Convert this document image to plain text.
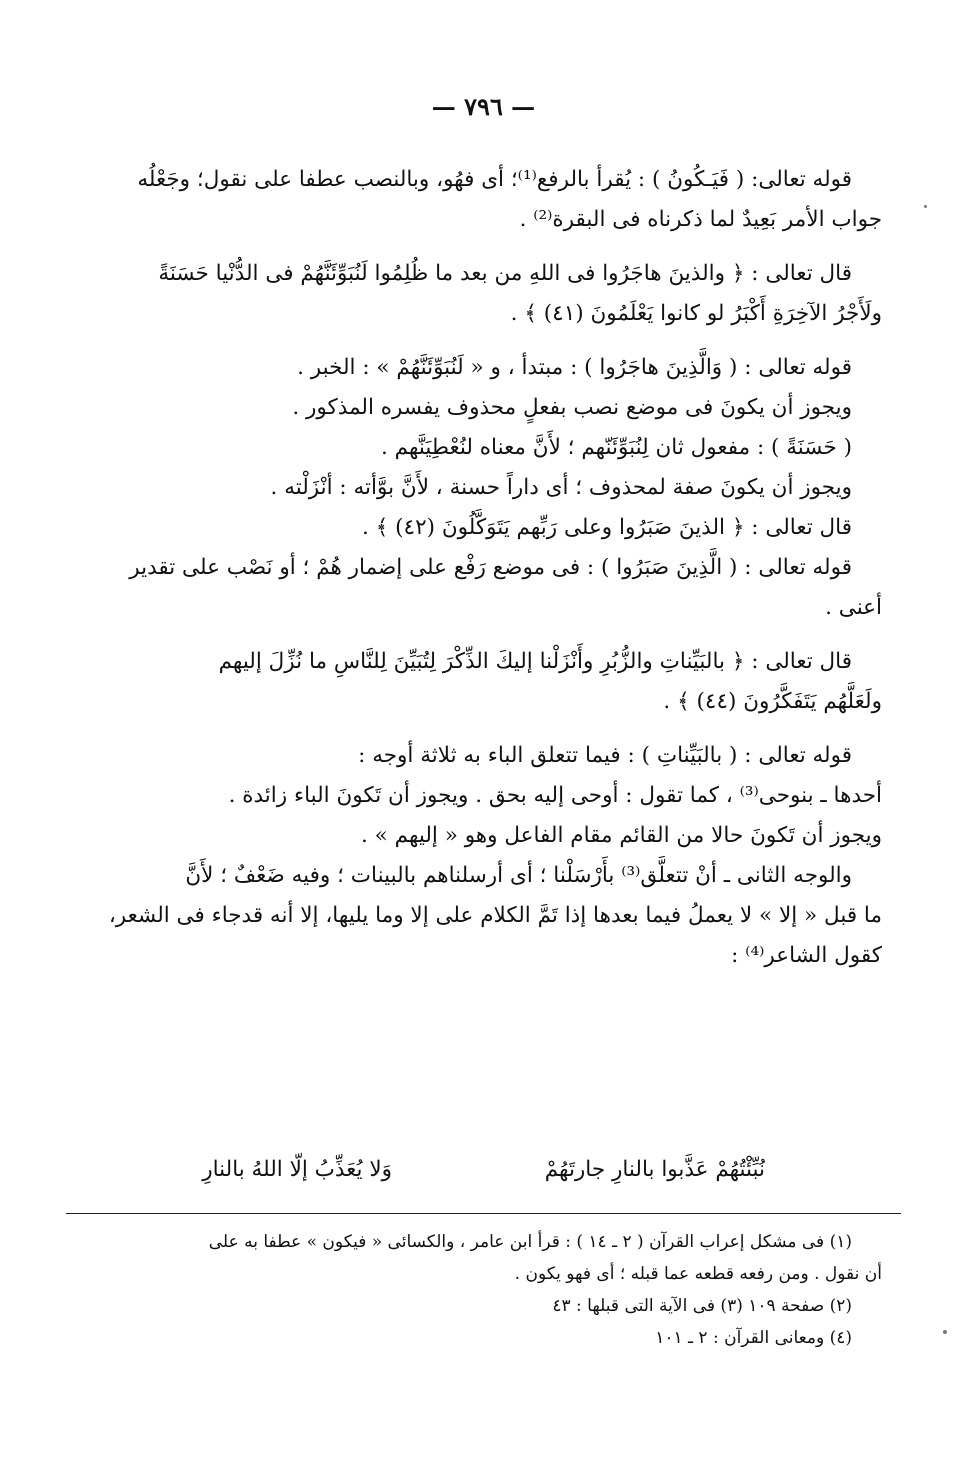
— ٧٩٦ —

قوله تعالى: ( فَيَـكُونُ ) : يُقرأ بالرفع⁽¹⁾؛ أى فهُو، وبالنصب عطفا على نقول؛ وجَعْلُه

جواب الأمر بَعِيدٌ لما ذكرناه فى البقرة⁽²⁾ .

قال تعالى : ﴿ والذينَ هاجَرُوا فى اللهِ من بعد ما ظُلِمُوا لَنُبَوِّئَنَّهُمْ فى الدُّنْيا حَسَنَةً

ولَأَجْرُ الآخِرَةِ أَكْبَرُ لو كانوا يَعْلَمُونَ (٤١) ﴾ .

قوله تعالى : ( وَالَّذِينَ هاجَرُوا ) : مبتدأ ، و « لَنُبَوِّئَنَّهُمْ » : الخبر .

ويجوز أن يكونَ فى موضع نصب بفعلٍ محذوف يفسره المذكور .

( حَسَنَةً ) : مفعول ثان لِنُبَوِّئَنّهم ؛ لأَنَّ معناه لنُعْطِيَنَّهم .

ويجوز أن يكونَ صفة لمحذوف ؛ أى داراً حسنة ، لأَنَّ بوَّأته : أنْزَلْته .

قال تعالى : ﴿ الذينَ صَبَرُوا وعلى رَبِّهم يَتَوَكَّلُونَ (٤٢) ﴾ .

قوله تعالى : ( الَّذِينَ صَبَرُوا ) : فى موضع رَفْع على إضمار هُمْ ؛ أو نَصْب على تقدير

أعنى .

قال تعالى : ﴿ بالبَيِّناتِ والزُّبُرِ وأَنْزَلْنا إليكَ الذِّكْرَ لِتُبَيِّنَ لِلنَّاسِ ما نُزِّلَ إليهم

ولَعَلَّهُم يَتَفَكَّرُونَ (٤٤) ﴾ .

قوله تعالى : ( بالبَيِّناتِ ) : فيما تتعلق الباء به ثلاثة أوجه :

أحدها ـ بنوحى⁽³⁾ ، كما تقول : أوحى إليه بحق . ويجوز أن تَكونَ الباء زائدة .

ويجوز أن تَكونَ حالا من القائم مقام الفاعل وهو « إليهم » .

والوجه الثانى ـ أنْ تتعلَّق⁽³⁾ بأَرْسَلْنا ؛ أى أرسلناهم بالبينات ؛ وفيه ضَعْفٌ ؛ لأَنَّ

ما قبل « إلا » لا يعملُ فيما بعدها إذا تَمَّ الكلام على إلا وما يليها، إلا أنه قدجاء فى الشعر،

كقول الشاعر⁽⁴⁾ :

نُبِّئْتُهُمْ عَذَّبوا بالنارِ جارتَهُمْ
وَلا يُعَذِّبُ إلّا اللهُ بالنارِ

(١) فى مشكل إعراب القرآن ( ٢ ـ ١٤ ) : قرأ ابن عامر ، والكسائى « فيكون » عطفا به على

أن نقول . ومن رفعه قطعه عما قبله ؛ أى فهو يكون .

(٢) صفحة ١٠٩ (٣) فى الآية التى قبلها : ٤٣

(٤) ومعانى القرآن : ٢ ـ ١٠١
